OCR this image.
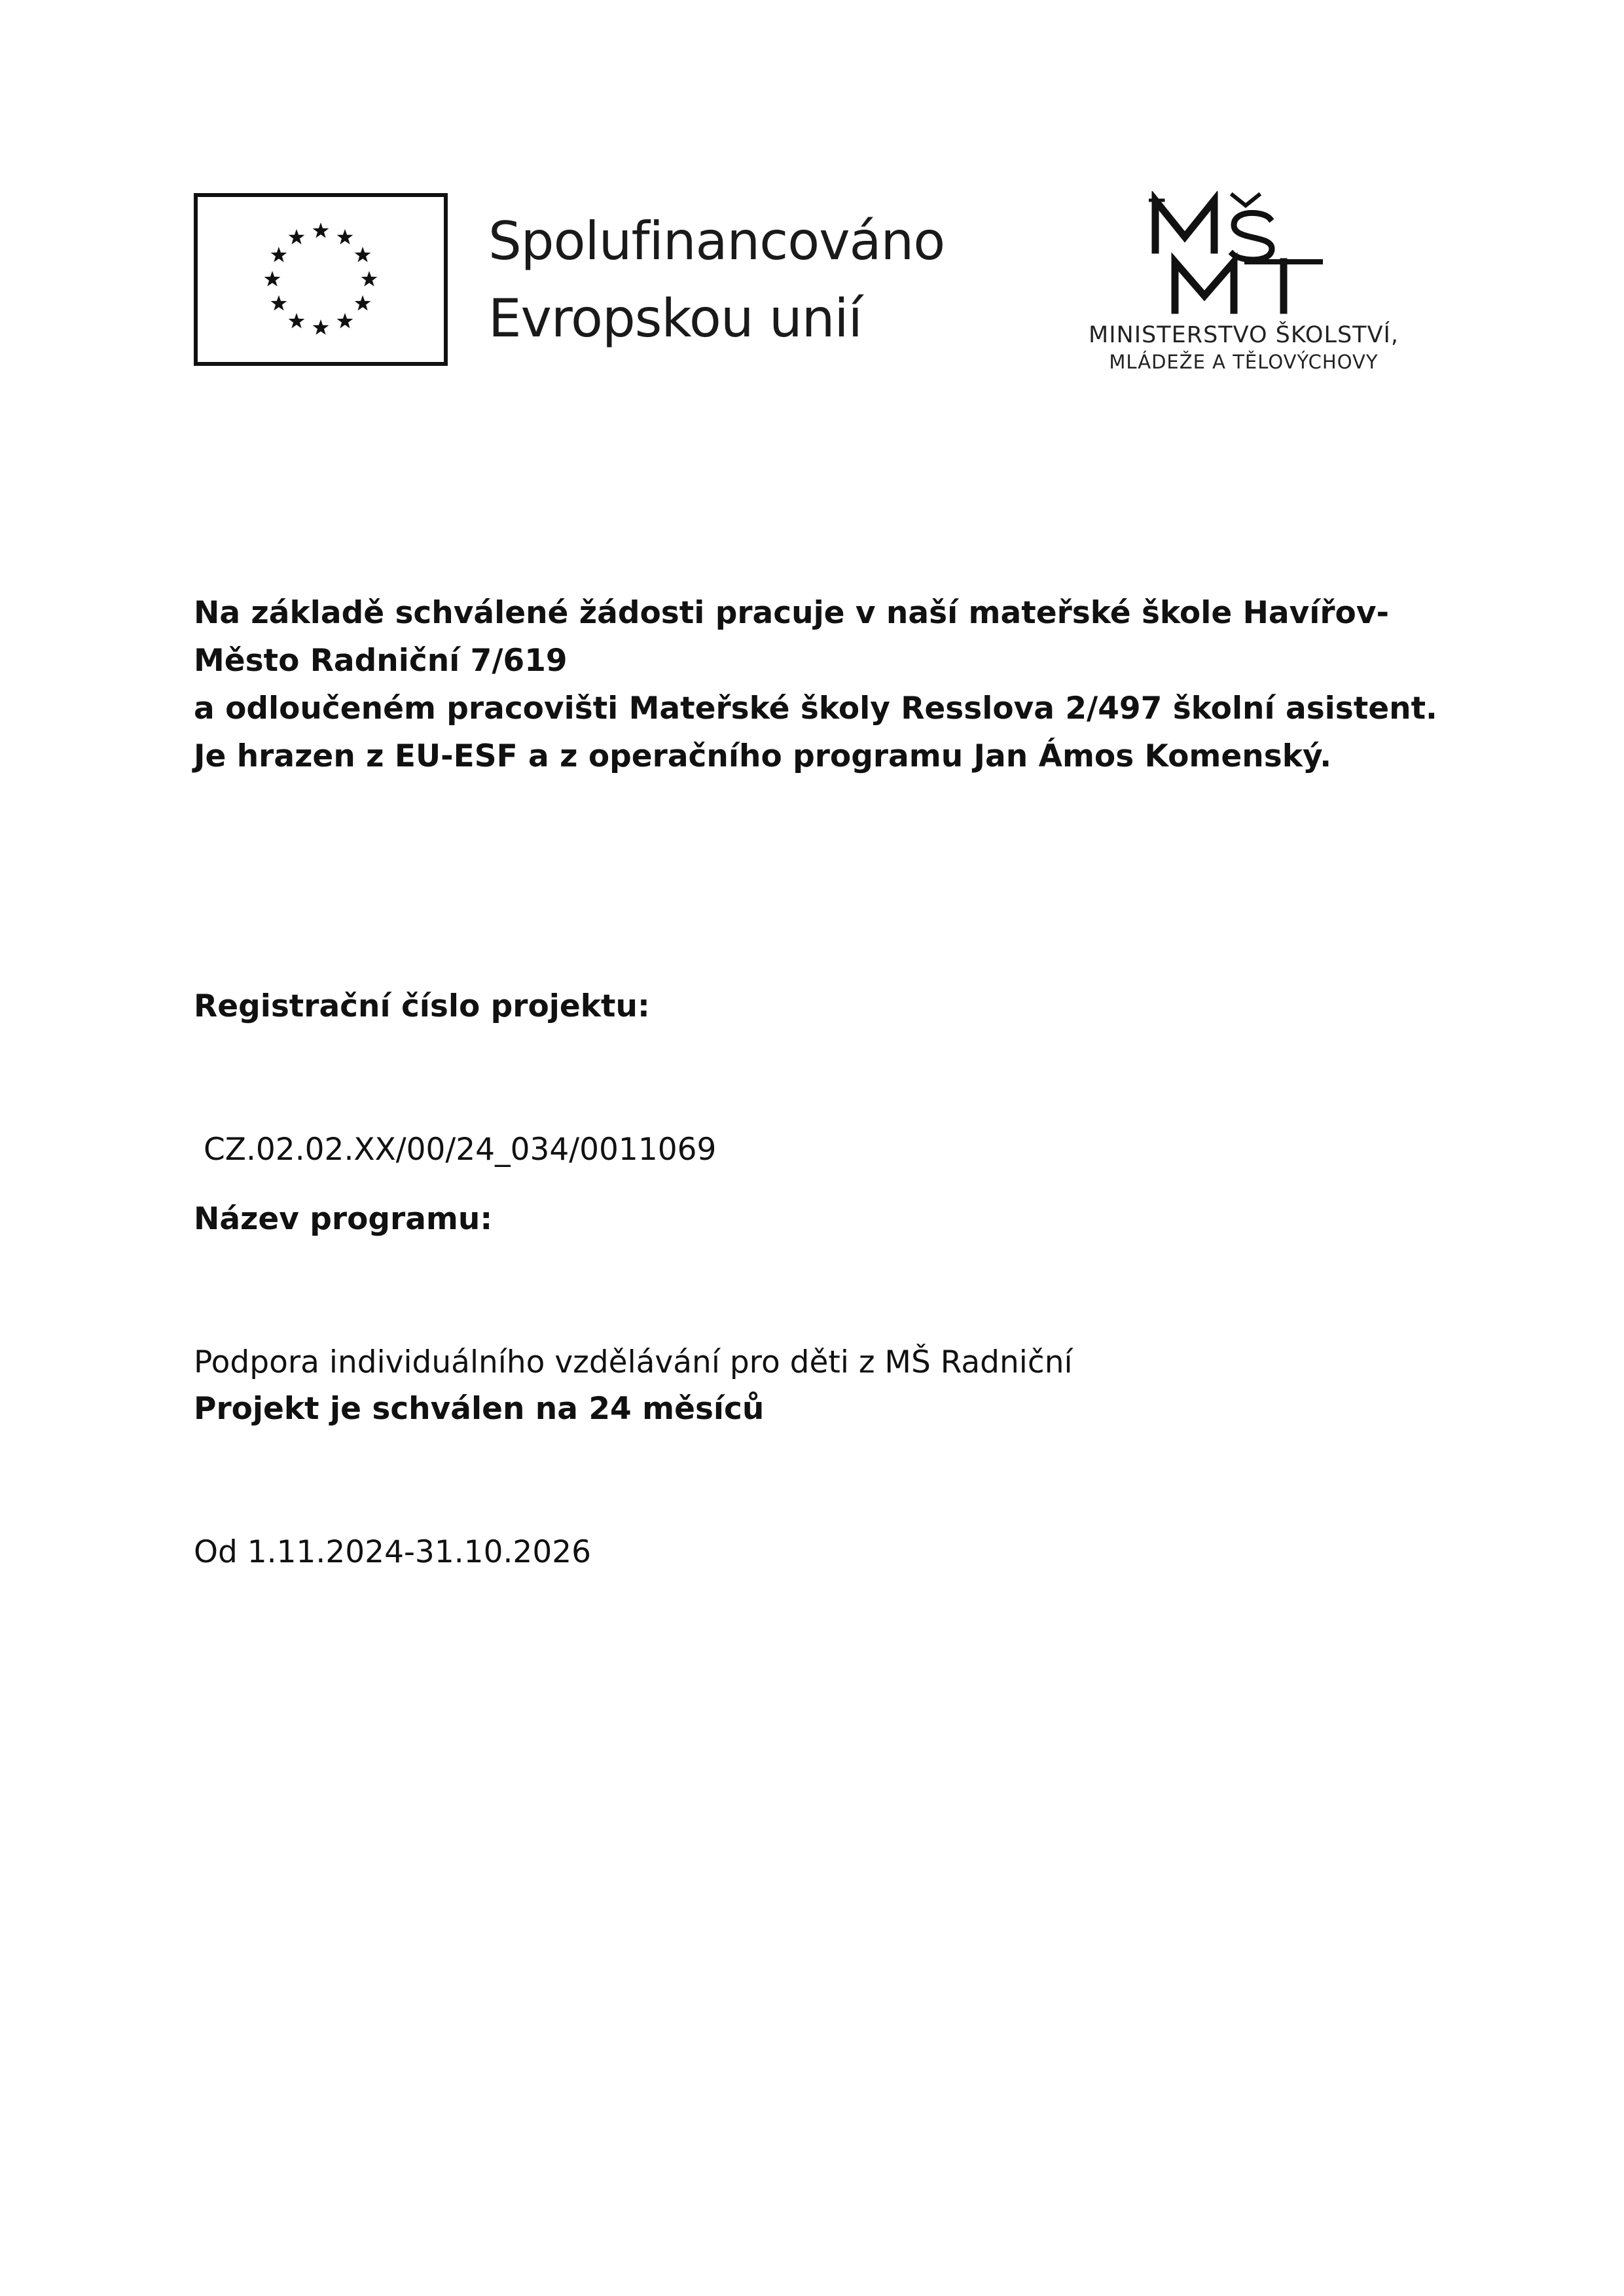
Spolufinancováno
Evropskou unií	MINISTERSTVO ŠKOLSTVÍ,
MLÁDEŽE A TĚLOVÝCHOVY
Na základě schválené žádosti pracuje v naší mateřské škole Havířov-
Město Radniční 7/619
a odloučeném pracovišti Mateřské školy Resslova 2/497 školní asistent.
Je hrazen z EU-ESF a z operačního programu Jan Ámos Komenský.

Registrační číslo projektu:

CZ.02.02.XX/00/24_034/0011069

Název programu:

Podpora individuálního vzdělávání pro děti z MŠ Radniční

Projekt je schválen na 24 měsíců

Od 1.11.2024-31.10.2026
